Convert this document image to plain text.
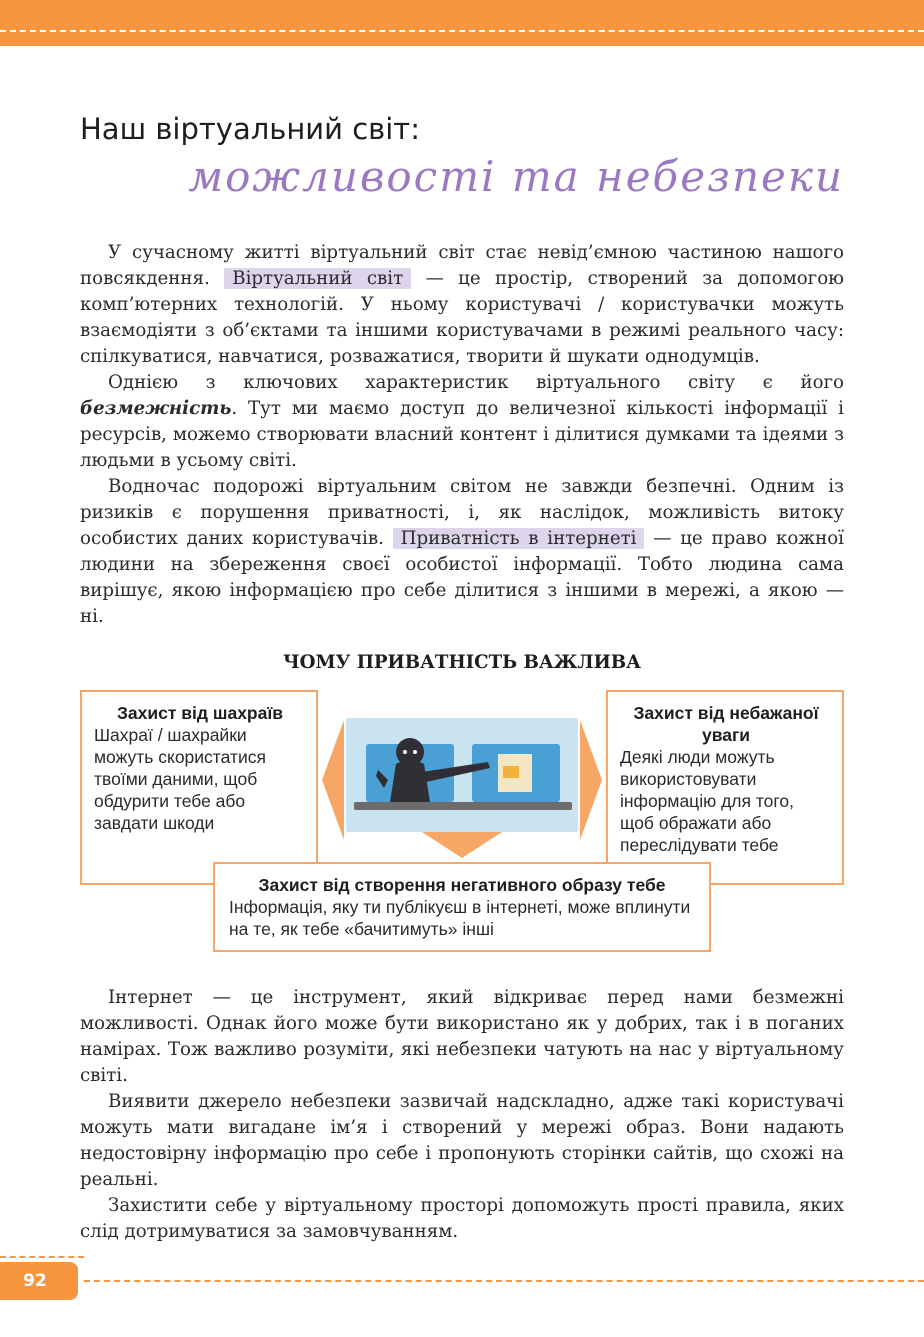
Наш віртуальний світ:
можливості та небезпеки

У сучасному житті віртуальний світ стає невід’ємною частиною нашого повсякдення. Віртуальний світ — це простір, створений за допомогою комп’ютерних технологій. У ньому користувачі / користувачки можуть взаємодіяти з об’єктами та іншими користувачами в режимі реального часу: спілкуватися, навчатися, розважатися, творити й шукати однодумців.

Однією з ключових характеристик віртуального світу є його безмежність. Тут ми маємо доступ до величезної кількості інформації і ресурсів, можемо створювати власний контент і ділитися думками та ідеями з людьми в усьому світі.

Водночас подорожі віртуальним світом не завжди безпечні. Одним із ризиків є порушення приватності, і, як наслідок, можливість витоку особистих даних користувачів. Приватність в інтернеті — це право кожної людини на збереження своєї особистої інформації. Тобто людина сама вирішує, якою інформацією про себе ділитися з іншими в мережі, а якою — ні.

ЧОМУ ПРИВАТНІСТЬ ВАЖЛИВА
Захист від шахраїв
Шахраї / шахрайки можуть скористатися твоїми даними, щоб обдурити тебе або завдати шкоди
Захист від небажаної уваги
Деякі люди можуть використовувати інформацію для того, щоб ображати або переслідувати тебе
Захист від створення негативного образу тебе
Інформація, яку ти публікуєш в інтернеті, може вплинути на те, як тебе «бачитимуть» інші

Інтернет — це інструмент, який відкриває перед нами безмежні можливості. Однак його може бути використано як у добрих, так і в поганих намірах. Тож важливо розуміти, які небезпеки чатують на нас у віртуальному світі.

Виявити джерело небезпеки зазвичай надскладно, адже такі користувачі можуть мати вигадане ім’я і створений у мережі образ. Вони надають недостовірну інформацію про себе і пропонують сторінки сайтів, що схожі на реальні.

Захистити себе у віртуальному просторі допоможуть прості правила, яких слід дотримуватися за замовчуванням.

92
